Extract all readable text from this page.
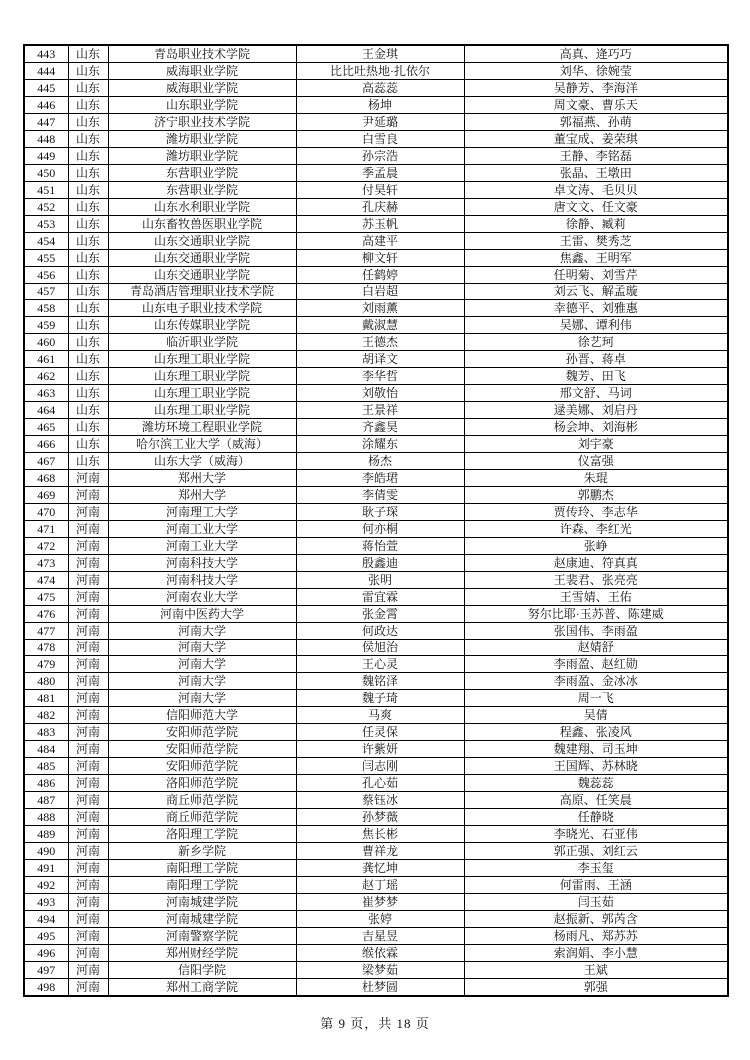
443	山东	青岛职业技术学院	王金琪	高真、逄巧巧
444	山东	威海职业学院	比比吐热地·扎依尔	刘华、徐婉莹
445	山东	威海职业学院	高蕊蕊	吴静芳、李海洋
446	山东	山东职业学院	杨坤	周文豪、曹乐天
447	山东	济宁职业技术学院	尹延璐	郭福燕、孙萌
448	山东	潍坊职业学院	白雪良	董宝成、姜荣琪
449	山东	潍坊职业学院	孙宗浩	王静、李铭磊
450	山东	东营职业学院	季孟晨	张晶、王墩田
451	山东	东营职业学院	付昊轩	卓文涛、毛贝贝
452	山东	山东水利职业学院	孔庆赫	唐文文、任文豪
453	山东	山东畜牧兽医职业学院	苏玉帆	徐静、臧莉
454	山东	山东交通职业学院	高建平	王雷、樊秀芝
455	山东	山东交通职业学院	柳文轩	焦鑫、王明军
456	山东	山东交通职业学院	任鹤婷	任明菊、刘雪芹
457	山东	青岛酒店管理职业技术学院	白岩超	刘云飞、解孟璇
458	山东	山东电子职业技术学院	刘雨薰	幸德平、刘雅惠
459	山东	山东传媒职业学院	戴淑慧	吴娜、谭利伟
460	山东	临沂职业学院	王德杰	徐艺珂
461	山东	山东理工职业学院	胡译文	孙晋、蒋卓
462	山东	山东理工职业学院	李华哲	魏芳、田飞
463	山东	山东理工职业学院	刘敬怡	邢文舒、马词
464	山东	山东理工职业学院	王景祥	逯美娜、刘启丹
465	山东	潍坊环境工程职业学院	齐鑫昊	杨会坤、刘海彬
466	山东	哈尔滨工业大学（威海）	涂耀东	刘宇豪
467	山东	山东大学（威海）	杨杰	仪富强
468	河南	郑州大学	李皓珺	朱琨
469	河南	郑州大学	李倩雯	郭鹏杰
470	河南	河南理工大学	耿子琛	贾传玲、李志华
471	河南	河南工业大学	何亦桐	许森、李红光
472	河南	河南工业大学	蒋怡萱	张峥
473	河南	河南科技大学	殷鑫迪	赵康迪、符真真
474	河南	河南科技大学	张明	王裴君、张亮亮
475	河南	河南农业大学	雷宜霖	王雪婧、王佑
476	河南	河南中医药大学	张金霄	努尔比耶·玉苏普、陈建威
477	河南	河南大学	何政达	张国伟、李雨盈
478	河南	河南大学	侯旭治	赵婧舒
479	河南	河南大学	王心灵	李雨盈、赵红勋
480	河南	河南大学	魏铭泽	李雨盈、金冰冰
481	河南	河南大学	魏子琦	周一飞
482	河南	信阳师范大学	马爽	吴倩
483	河南	安阳师范学院	任灵保	程鑫、张凌风
484	河南	安阳师范学院	许紫妍	魏建翔、司玉坤
485	河南	安阳师范学院	闫志刚	王国辉、苏林晓
486	河南	洛阳师范学院	孔心茹	魏蕊蕊
487	河南	商丘师范学院	蔡钰冰	高原、任笑晨
488	河南	商丘师范学院	孙梦薇	任静晓
489	河南	洛阳理工学院	焦长彬	李晓光、石亚伟
490	河南	新乡学院	曹祥龙	郭正强、刘红云
491	河南	南阳理工学院	龚忆坤	李玉玺
492	河南	南阳理工学院	赵丁瑶	何雷雨、王涵
493	河南	河南城建学院	崔梦梦	闫玉茹
494	河南	河南城建学院	张婷	赵振新、郭芮含
495	河南	河南警察学院	吉星昱	杨雨凡、郑苏苏
496	河南	郑州财经学院	缑依霖	索润娟、李小慧
497	河南	信阳学院	梁梦茹	王斌
498	河南	郑州工商学院	杜梦圆	郭强
第 9 页，共 18 页
